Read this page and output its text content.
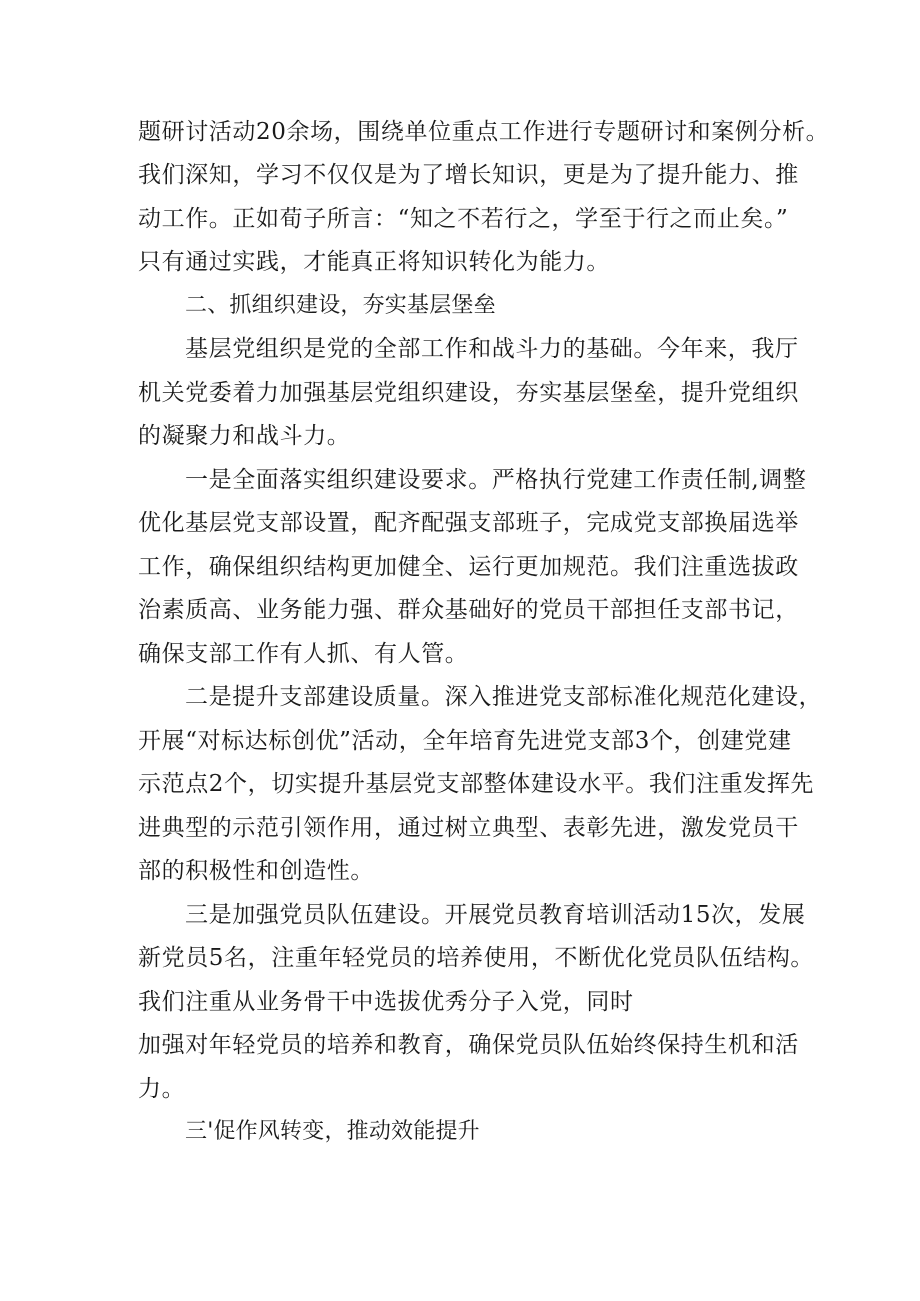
题研讨活动20余场，围绕单位重点工作进行专题研讨和案例分析。
我们深知，学习不仅仅是为了增长知识，更是为了提升能力、推
动工作。正如荀子所言：“知之不若行之，学至于行之而止矣。”
只有通过实践，才能真正将知识转化为能力。
二、抓组织建设，夯实基层堡垒
基层党组织是党的全部工作和战斗力的基础。今年来，我厅
机关党委着力加强基层党组织建设，夯实基层堡垒，提升党组织
的凝聚力和战斗力。
一是全面落实组织建设要求。严格执行党建工作责任制,调整
优化基层党支部设置，配齐配强支部班子，完成党支部换届选举
工作，确保组织结构更加健全、运行更加规范。我们注重选拔政
治素质高、业务能力强、群众基础好的党员干部担任支部书记，
确保支部工作有人抓、有人管。
二是提升支部建设质量。深入推进党支部标准化规范化建设，
开展“对标达标创优”活动，全年培育先进党支部3个，创建党建
示范点2个，切实提升基层党支部整体建设水平。我们注重发挥先
进典型的示范引领作用，通过树立典型、表彰先进，激发党员干
部的积极性和创造性。
三是加强党员队伍建设。开展党员教育培训活动15次，发展
新党员5名，注重年轻党员的培养使用，不断优化党员队伍结构。
我们注重从业务骨干中选拔优秀分子入党，同时
加强对年轻党员的培养和教育，确保党员队伍始终保持生机和活
力。
三'促作风转变，推动效能提升
